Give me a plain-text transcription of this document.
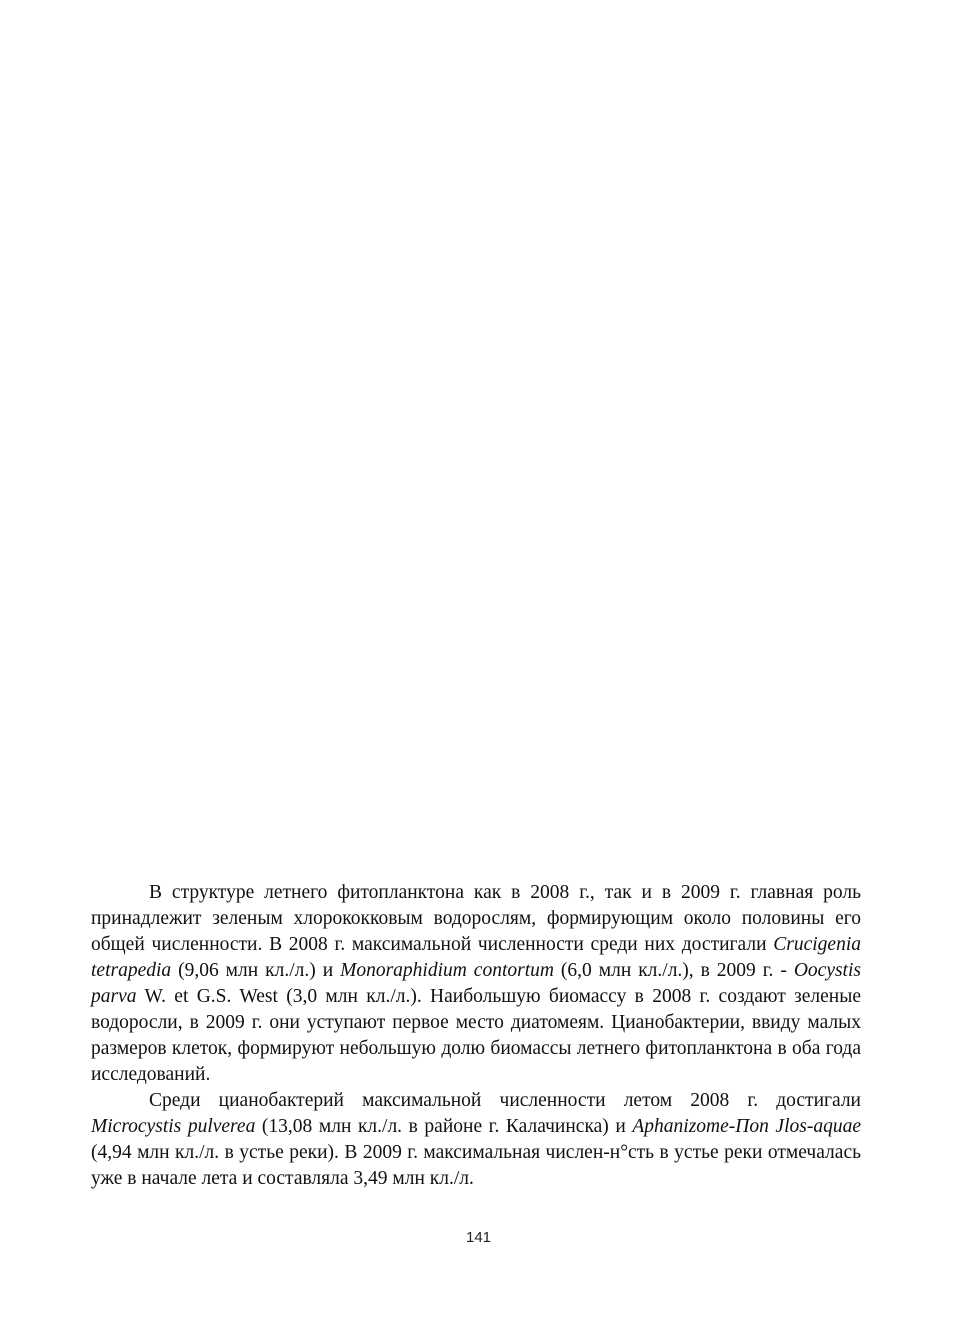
В структуре летнего фитопланктона как в 2008 г., так и в 2009 г. главная роль принадлежит зеленым хлорококковым водорослям, формирующим около половины его общей численности. В 2008 г. максимальной численности среди них достигали Crucigenia tetrapedia (9,06 млн кл./л.) и Monoraphidium contortum (6,0 млн кл./л.), в 2009 г. - Oocystis parva W. et G.S. West (3,0 млн кл./л.). Наибольшую биомассу в 2008 г. создают зеленые водоросли, в 2009 г. они уступают первое место диатомеям. Цианобактерии, ввиду малых размеров клеток, формируют небольшую долю биомассы летнего фитопланктона в оба года исследований.

Среди цианобактерий максимальной численности летом 2008 г. достигали Microcystis pulverea (13,08 млн кл./л. в районе г. Калачинска) и Aphanizome-Поп Jlos-aquae (4,94 млн кл./л. в устье реки). В 2009 г. максимальная числен-н°сть в устье реки отмечалась уже в начале лета и составляла 3,49 млн кл./л.

141
